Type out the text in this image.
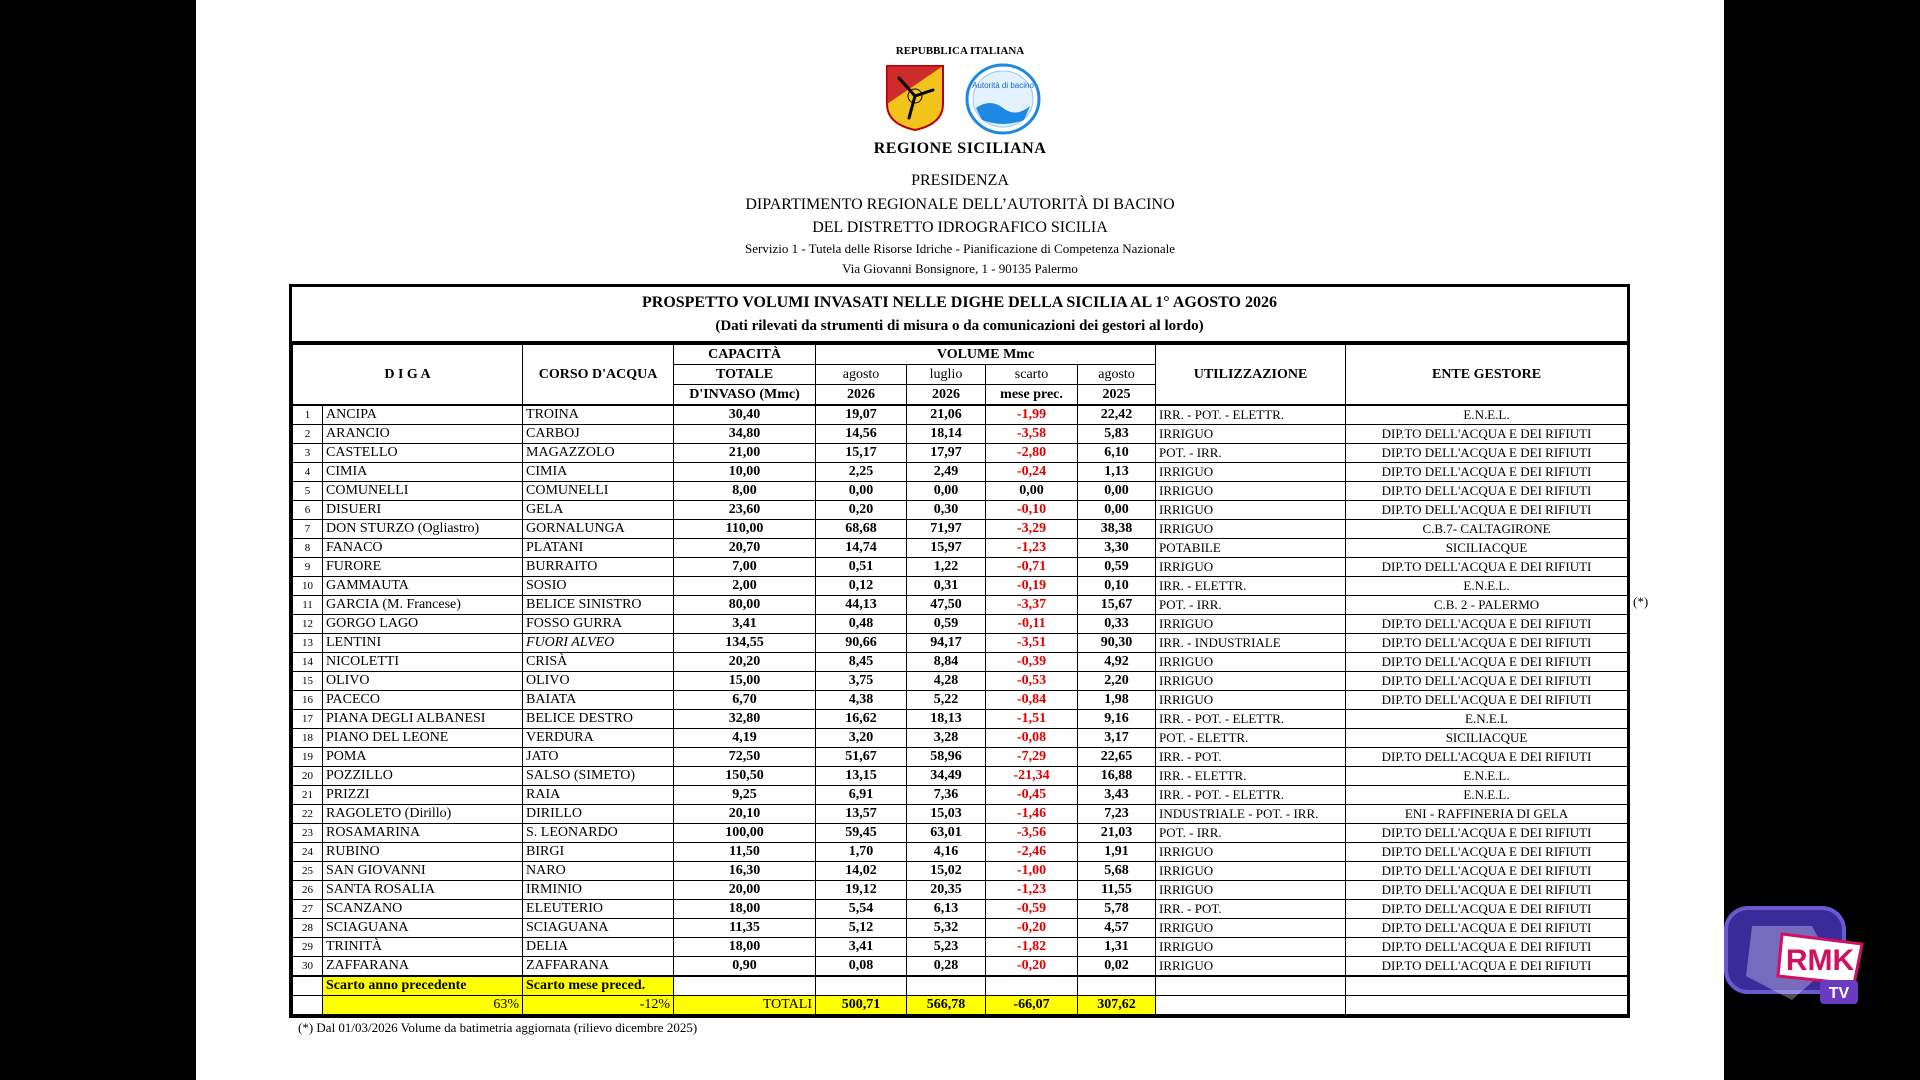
REPUBBLICA ITALIANA
Autorità di bacino
REGIONE SICILIANA
PRESIDENZA
DIPARTIMENTO REGIONALE DELL’AUTORITÀ DI BACINO
DEL DISTRETTO IDROGRAFICO SICILIA
Servizio 1 - Tutela delle Risorse Idriche - Pianificazione di Competenza Nazionale
Via Giovanni Bonsignore, 1 - 90135 Palermo
PROSPETTO VOLUMI INVASATI NELLE DIGHE DELLA SICILIA AL 1° AGOSTO 2026
(Dati rilevati da strumenti di misura o da comunicazioni dei gestori al lordo)
D I G A		CORSO D'ACQUA	CAPACITÀ	VOLUME Mmc				UTILIZZAZIONE	ENTE GESTORE
			TOTALE	agosto	luglio	scarto	agosto		
			D'INVASO (Mmc)	2026	2026	mese prec.	2025		
1	ANCIPA	TROINA	30,40	19,07	21,06	-1,99	22,42	IRR. - POT. - ELETTR.	E.N.E.L.
2	ARANCIO	CARBOJ	34,80	14,56	18,14	-3,58	5,83	IRRIGUO	DIP.TO DELL'ACQUA E DEI RIFIUTI
3	CASTELLO	MAGAZZOLO	21,00	15,17	17,97	-2,80	6,10	POT. - IRR.	DIP.TO DELL'ACQUA E DEI RIFIUTI
4	CIMIA	CIMIA	10,00	2,25	2,49	-0,24	1,13	IRRIGUO	DIP.TO DELL'ACQUA E DEI RIFIUTI
5	COMUNELLI	COMUNELLI	8,00	0,00	0,00	0,00	0,00	IRRIGUO	DIP.TO DELL'ACQUA E DEI RIFIUTI
6	DISUERI	GELA	23,60	0,20	0,30	-0,10	0,00	IRRIGUO	DIP.TO DELL'ACQUA E DEI RIFIUTI
7	DON STURZO (Ogliastro)	GORNALUNGA	110,00	68,68	71,97	-3,29	38,38	IRRIGUO	C.B.7- CALTAGIRONE
8	FANACO	PLATANI	20,70	14,74	15,97	-1,23	3,30	POTABILE	SICILIACQUE
9	FURORE	BURRAITO	7,00	0,51	1,22	-0,71	0,59	IRRIGUO	DIP.TO DELL'ACQUA E DEI RIFIUTI
10	GAMMAUTA	SOSIO	2,00	0,12	0,31	-0,19	0,10	IRR. - ELETTR.	E.N.E.L.
11	GARCIA (M. Francese)	BELICE SINISTRO	80,00	44,13	47,50	-3,37	15,67	POT. - IRR.	C.B. 2 - PALERMO
12	GORGO LAGO	FOSSO GURRA	3,41	0,48	0,59	-0,11	0,33	IRRIGUO	DIP.TO DELL'ACQUA E DEI RIFIUTI
13	LENTINI	FUORI ALVEO	134,55	90,66	94,17	-3,51	90,30	IRR. - INDUSTRIALE	DIP.TO DELL'ACQUA E DEI RIFIUTI
14	NICOLETTI	CRISÀ	20,20	8,45	8,84	-0,39	4,92	IRRIGUO	DIP.TO DELL'ACQUA E DEI RIFIUTI
15	OLIVO	OLIVO	15,00	3,75	4,28	-0,53	2,20	IRRIGUO	DIP.TO DELL'ACQUA E DEI RIFIUTI
16	PACECO	BAIATA	6,70	4,38	5,22	-0,84	1,98	IRRIGUO	DIP.TO DELL'ACQUA E DEI RIFIUTI
17	PIANA DEGLI ALBANESI	BELICE DESTRO	32,80	16,62	18,13	-1,51	9,16	IRR. - POT. - ELETTR.	E.N.E.L
18	PIANO DEL LEONE	VERDURA	4,19	3,20	3,28	-0,08	3,17	POT. - ELETTR.	SICILIACQUE
19	POMA	JATO	72,50	51,67	58,96	-7,29	22,65	IRR. - POT.	DIP.TO DELL'ACQUA E DEI RIFIUTI
20	POZZILLO	SALSO (SIMETO)	150,50	13,15	34,49	-21,34	16,88	IRR. - ELETTR.	E.N.E.L.
21	PRIZZI	RAIA	9,25	6,91	7,36	-0,45	3,43	IRR. - POT. - ELETTR.	E.N.E.L.
22	RAGOLETO (Dirillo)	DIRILLO	20,10	13,57	15,03	-1,46	7,23	INDUSTRIALE - POT. - IRR.	ENI - RAFFINERIA DI GELA
23	ROSAMARINA	S. LEONARDO	100,00	59,45	63,01	-3,56	21,03	POT. - IRR.	DIP.TO DELL'ACQUA E DEI RIFIUTI
24	RUBINO	BIRGI	11,50	1,70	4,16	-2,46	1,91	IRRIGUO	DIP.TO DELL'ACQUA E DEI RIFIUTI
25	SAN GIOVANNI	NARO	16,30	14,02	15,02	-1,00	5,68	IRRIGUO	DIP.TO DELL'ACQUA E DEI RIFIUTI
26	SANTA ROSALIA	IRMINIO	20,00	19,12	20,35	-1,23	11,55	IRRIGUO	DIP.TO DELL'ACQUA E DEI RIFIUTI
27	SCANZANO	ELEUTERIO	18,00	5,54	6,13	-0,59	5,78	IRR. - POT.	DIP.TO DELL'ACQUA E DEI RIFIUTI
28	SCIAGUANA	SCIAGUANA	11,35	5,12	5,32	-0,20	4,57	IRRIGUO	DIP.TO DELL'ACQUA E DEI RIFIUTI
29	TRINITÀ	DELIA	18,00	3,41	5,23	-1,82	1,31	IRRIGUO	DIP.TO DELL'ACQUA E DEI RIFIUTI
30	ZAFFARANA	ZAFFARANA	0,90	0,08	0,28	-0,20	0,02	IRRIGUO	DIP.TO DELL'ACQUA E DEI RIFIUTI
	Scarto anno precedente	Scarto mese preced.							
	63%	-12%	TOTALI	500,71	566,78	-66,07	307,62		
(*)
(*) Dal 01/03/2026 Volume da batimetria aggiornata (rilievo dicembre 2025)
RMK
TV
